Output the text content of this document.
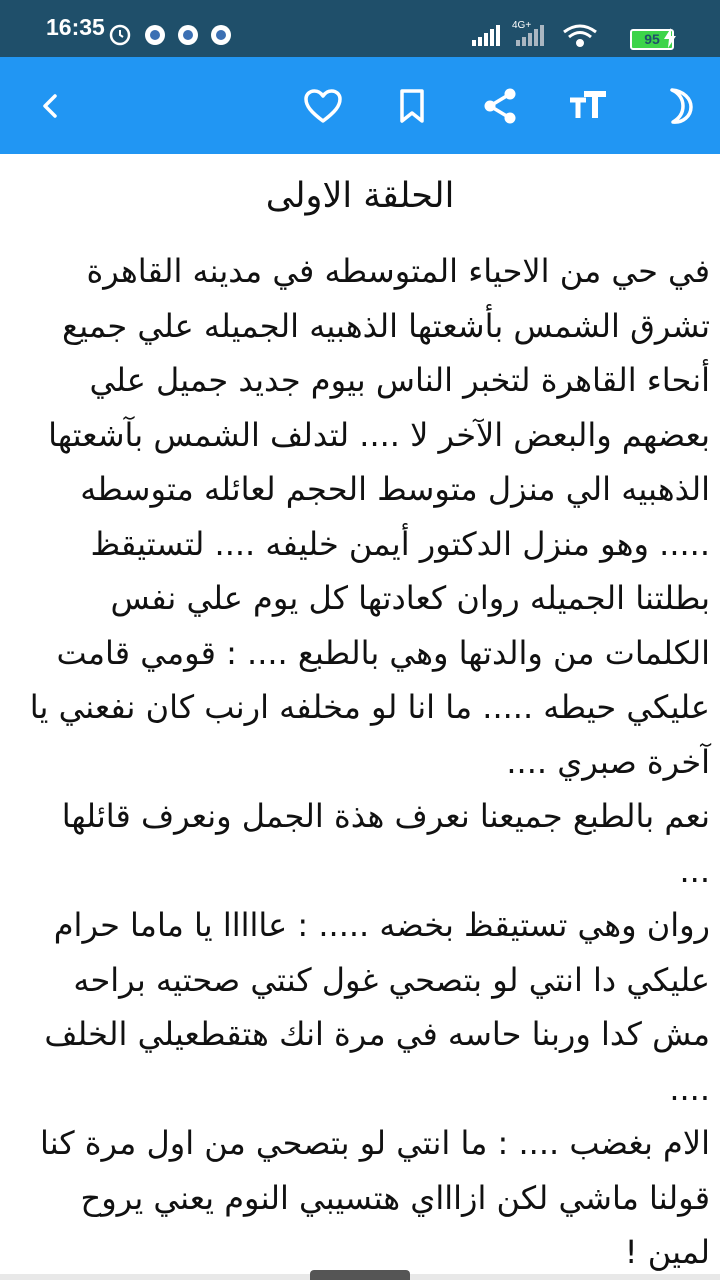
16:35	4G+
95
الحلقة الاولى

في حي من الاحياء المتوسطه في مدينه القاهرة تشرق الشمس بأشعتها الذهبيه الجميله علي جميع أنحاء القاهرة لتخبر الناس بيوم جديد جميل علي بعضهم والبعض الآخر لا .... لتدلف الشمس بآشعتها الذهبيه الي منزل متوسط الحجم لعائله متوسطه ..... وهو منزل الدكتور أيمن خليفه .... لتستيقظ بطلتنا الجميله روان كعادتها كل يوم علي نفس الكلمات من والدتها وهي بالطبع .... : قومي قامت عليكي حيطه ..... ما انا لو مخلفه ارنب كان نفعني يا آخرة صبري ....

نعم بالطبع جميعنا نعرف هذة الجمل ونعرف قائلها ...

روان وهي تستيقظ بخضه ..... : عااااا يا ماما حرام عليكي دا انتي لو بتصحي غول كنتي صحتيه براحه مش كدا وربنا حاسه في مرة انك هتقطعيلي الخلف ....

الام بغضب .... : ما انتي لو بتصحي من اول مرة كنا قولنا ماشي لكن ازاااي هتسيبي النوم يعني يروح لمين !
